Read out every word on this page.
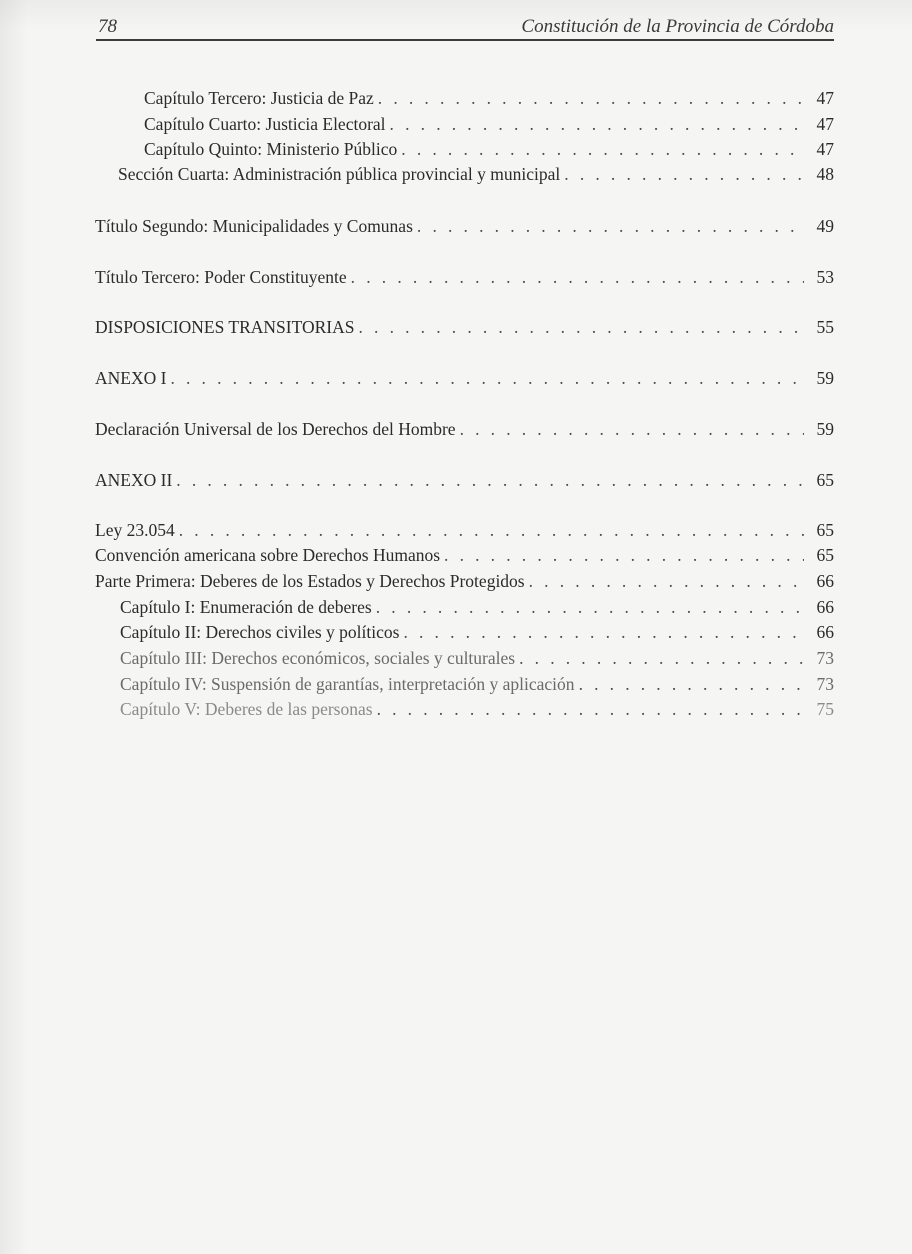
78	Constitución de la Provincia de Córdoba
Capítulo Tercero: Justicia de Paz . . .	47
Capítulo Cuarto: Justicia Electoral . . .	47
Capítulo Quinto: Ministerio Público . . .	47
Sección Cuarta: Administración pública provincial y municipal . . .	48
Título Segundo: Municipalidades y Comunas . . .	49
Título Tercero: Poder Constituyente . . .	53
DISPOSICIONES TRANSITORIAS . . .	55
ANEXO I . . .	59
Declaración Universal de los Derechos del Hombre . . .	59
ANEXO II . . .	65
Ley 23.054 . . .	65
Convención americana sobre Derechos Humanos . . .	65
Parte Primera: Deberes de los Estados y Derechos Protegidos . . .	66
Capítulo I: Enumeración de deberes . . .	66
Capítulo II: Derechos civiles y políticos . . .	66
Capítulo III: Derechos económicos, sociales y culturales . . .	73
Capítulo IV: Suspensión de garantías, interpretación y aplicación . . .	73
Capítulo V: Deberes de las personas . . .	75
